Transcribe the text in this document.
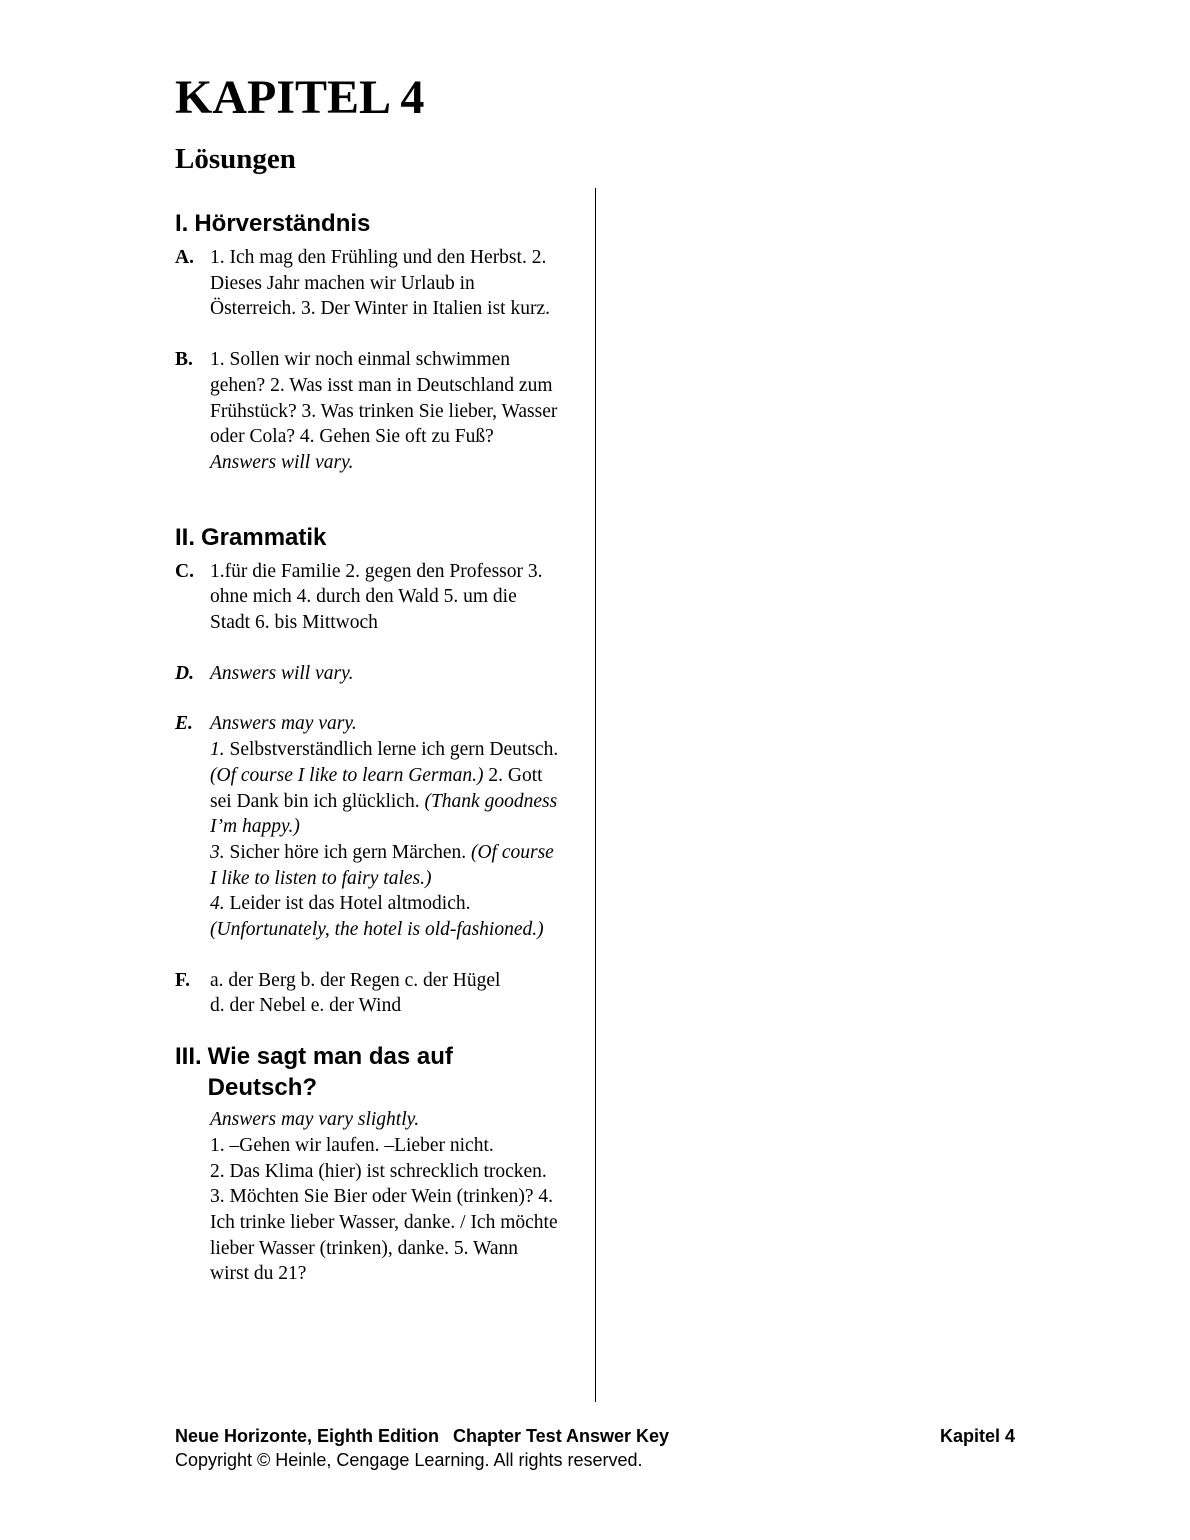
KAPITEL 4
Lösungen
I. Hörverständnis
A. 1. Ich mag den Frühling und den Herbst. 2. Dieses Jahr machen wir Urlaub in Österreich. 3. Der Winter in Italien ist kurz.
B. 1. Sollen wir noch einmal schwimmen gehen? 2. Was isst man in Deutschland zum Frühstück? 3. Was trinken Sie lieber, Wasser oder Cola? 4. Gehen Sie oft zu Fuß?
Answers will vary.
II. Grammatik
C. 1.für die Familie 2. gegen den Professor 3. ohne mich 4. durch den Wald 5. um die Stadt 6. bis Mittwoch
D. Answers will vary.
E. Answers may vary.
1. Selbstverständlich lerne ich gern Deutsch. (Of course I like to learn German.) 2. Gott sei Dank bin ich glücklich. (Thank goodness I’m happy.)
3. Sicher höre ich gern Märchen. (Of course I like to listen to fairy tales.)
4. Leider ist das Hotel altmodich. (Unfortunately, the hotel is old-fashioned.)
F.	a. der Berg b. der Regen c. der Hügel
d. der Nebel e. der Wind
III. Wie sagt man das auf Deutsch?
Answers may vary slightly.
1. –Gehen wir laufen. –Lieber nicht.
2. Das Klima (hier) ist schrecklich trocken. 3. Möchten Sie Bier oder Wein (trinken)? 4. Ich trinke lieber Wasser, danke. / Ich möchte lieber Wasser (trinken), danke. 5. Wann wirst du 21?
Neue Horizonte, Eighth Edition Chapter Test Answer Key	Kapitel 4
Copyright © Heinle, Cengage Learning. All rights reserved.
